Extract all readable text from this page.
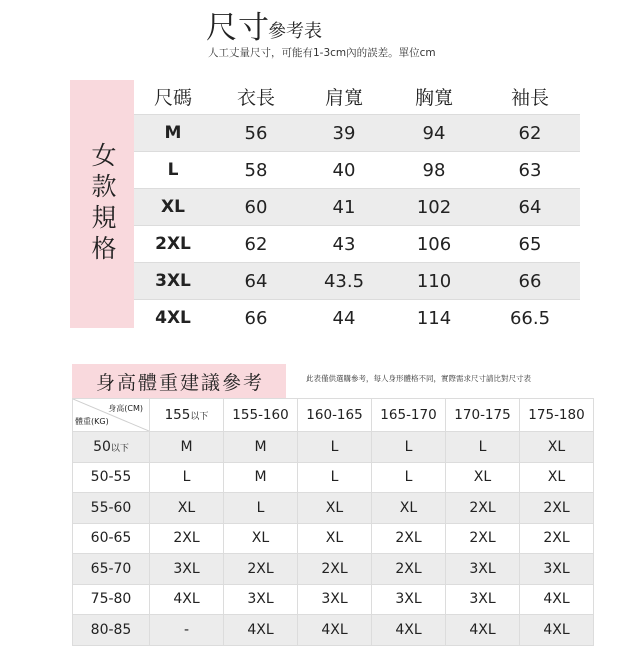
尺寸
參考表
人工丈量尺寸，可能有1-3cm內的誤差。單位cm
女款規格
尺碼	衣長	肩寬	胸寬	袖長
M	56	39	94	62
L	58	40	98	63
XL	60	41	102	64
2XL	62	43	106	65
3XL	64	43.5	110	66
4XL	66	44	114	66.5
身高體重建議參考	此表僅供選購參考，每人身形體格不同，實際需求尺寸請比對尺寸表
身高(CM)
體重(KG)	155以下	155-160	160-165	165-170	170-175	175-180
50以下	M	M	L	L	L	XL
50-55	L	M	L	L	XL	XL
55-60	XL	L	XL	XL	2XL	2XL
60-65	2XL	XL	XL	2XL	2XL	2XL
65-70	3XL	2XL	2XL	2XL	3XL	3XL
75-80	4XL	3XL	3XL	3XL	3XL	4XL
80-85	-	4XL	4XL	4XL	4XL	4XL
